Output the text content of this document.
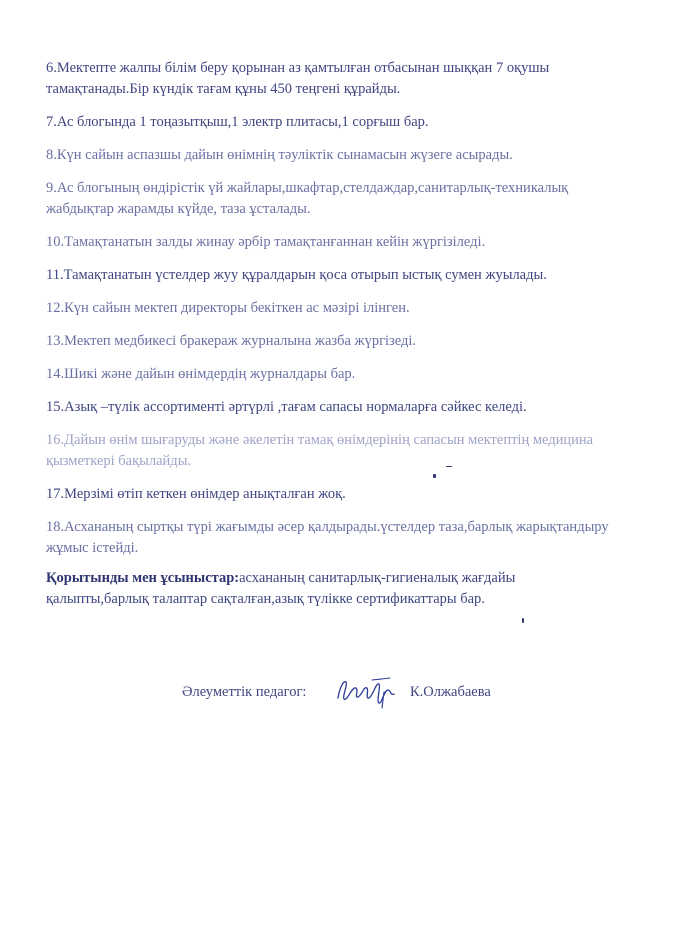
6.Мектепте жалпы білім беру қорынан аз қамтылған отбасынан шыққан 7 оқушы тамақтанады.Бір күндік тағам құны 450 теңгені құрайды.

7.Ас блогында 1 тоңазытқыш,1 электр плитасы,1 сорғыш бар.

8.Күн сайын аспазшы дайын өнімнің тәуліктік сынамасын жүзеге асырады.

9.Ас блогының өндірістік үй жайлары,шкафтар,стелдаждар,санитарлық-техникалық жабдықтар жарамды күйде, таза ұсталады.

10.Тамақтанатын залды жинау әрбір тамақтанғаннан кейін жүргізіледі.

11.Тамақтанатын үстелдер жуу құралдарын қоса отырып ыстық сумен жуылады.

12.Күн сайын мектеп директоры бекіткен ас мәзірі ілінген.

13.Мектеп медбикесі бракераж журналына жазба жүргізеді.

14.Шикі және дайын өнімдердің журналдары бар.

15.Азық –түлік ассортименті әртүрлі ,тағам сапасы нормаларға сәйкес келеді.

16.Дайын өнім шығаруды және әкелетін тамақ өнімдерінің сапасын мектептің медицина қызметкері бақылайды.

17.Мерзімі өтіп кеткен өнімдер анықталған жоқ.

18.Асхананың сыртқы түрі жағымды әсер қалдырады.үстелдер таза,барлық жарықтандыру жұмыс істейді.

Қорытынды мен ұсыныстар:асхананың санитарлық-гигиеналық жағдайы қалыпты,барлық талаптар сақталған,азық түлікке сертификаттары бар.
Әлеуметтік педагог:	К.Олжабаева
